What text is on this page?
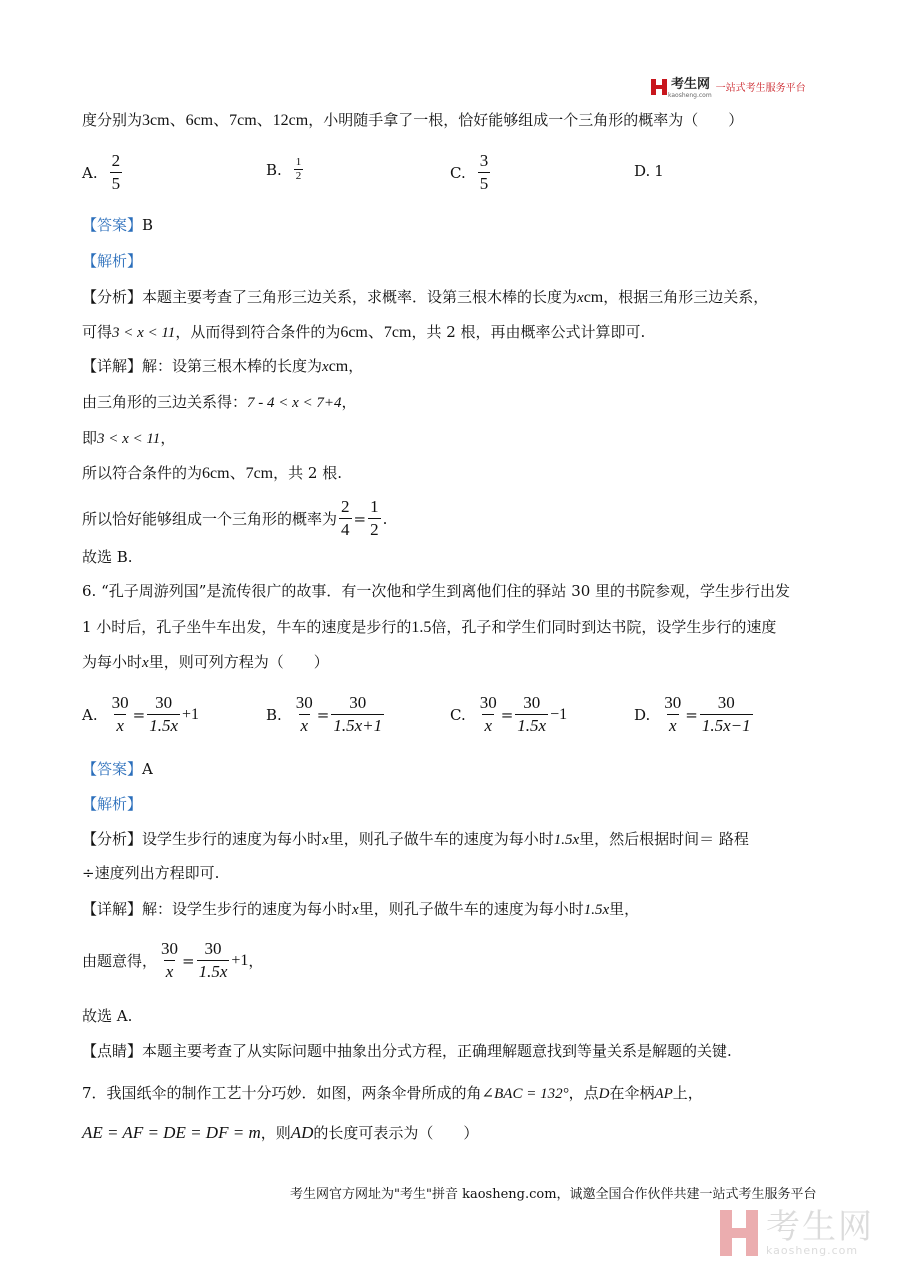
考生网
kaosheng.com
一站式考生服务平台
度分别为3cm、6cm、7cm、12cm，小明随手拿了一根，恰好能够组成一个三角形的概率为（　　）
A. $\frac{2}{5}$	B. $\frac{1}{2}$	C. $\frac{3}{5}$	D. 1
【答案】B
【解析】
【分析】本题主要考查了三角形三边关系，求概率．设第三根木棒的长度为xcm，根据三角形三边关系，
可得3 < x < 11，从而得到符合条件的为6cm、7cm，共 2 根，再由概率公式计算即可.
【详解】解：设第三根木棒的长度为xcm，
由三角形的三边关系得：7 - 4 < x < 7+4，
即3 < x < 11，
所以符合条件的为6cm、7cm，共 2 根.
所以恰好能够组成一个三角形的概率为 $\frac{2}{4} = \frac{1}{2}$ .
故选 B.
6. “孔子周游列国”是流传很广的故事．有一次他和学生到离他们住的驿站 30 里的书院参观，学生步行出发
1 小时后，孔子坐牛车出发，牛车的速度是步行的1.5倍，孔子和学生们同时到达书院，设学生步行的速度
为每小时x里，则可列方程为（　　）
A. $\frac{30}{x} = \frac{30}{1.5x} +1$	B. $\frac{30}{x} = \frac{30}{1.5x+1}$	C. $\frac{30}{x} = \frac{30}{1.5x} -1$	D. $\frac{30}{x} = \frac{30}{1.5x-1}$
【答案】A
【解析】
【分析】设学生步行的速度为每小时x里，则孔子做牛车的速度为每小时1.5x里，然后根据时间＝ 路程
÷速度列出方程即可.
【详解】解：设学生步行的速度为每小时x里，则孔子做牛车的速度为每小时1.5x里，
由题意得， $\frac{30}{x} = \frac{30}{1.5x} +1$ ，
故选 A.
【点睛】本题主要考查了从实际问题中抽象出分式方程，正确理解题意找到等量关系是解题的关键.
7．我国纸伞的制作工艺十分巧妙．如图，两条伞骨所成的角∠BAC = 132°，点D在伞柄AP上，
AE = AF = DE = DF = m，则AD的长度可表示为（　　）
考生网官方网址为"考生"拼音 kaosheng.com，诚邀全国合作伙伴共建一站式考生服务平台
考生网
kaosheng.com
